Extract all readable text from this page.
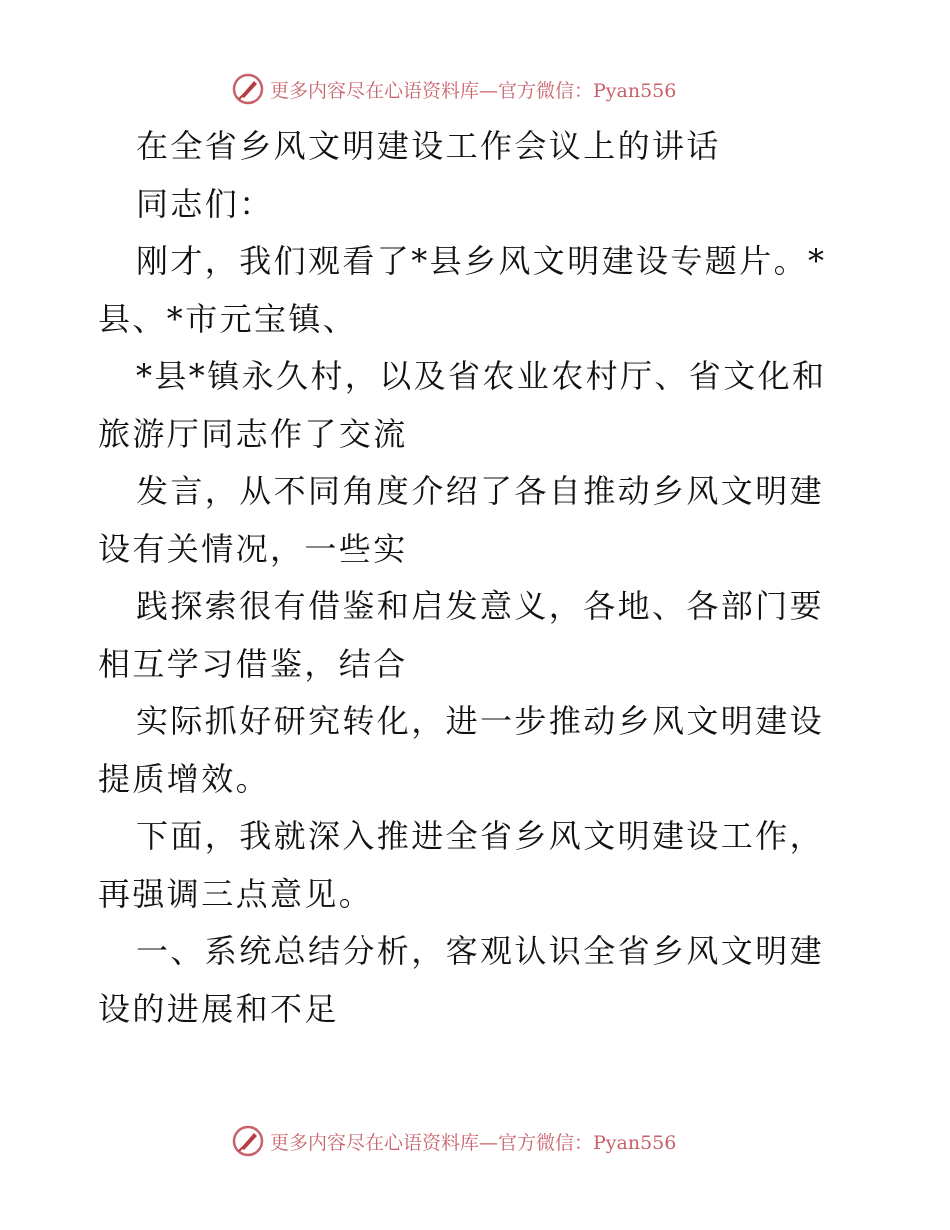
更多内容尽在心语资料库—官方微信：Pyan556

在全省乡风文明建设工作会议上的讲话

同志们：

刚才，我们观看了*县乡风文明建设专题片。*县、*市元宝镇、

*县*镇永久村，以及省农业农村厅、省文化和旅游厅同志作了交流

发言，从不同角度介绍了各自推动乡风文明建设有关情况，一些实

践探索很有借鉴和启发意义，各地、各部门要相互学习借鉴，结合

实际抓好研究转化，进一步推动乡风文明建设提质增效。

下面，我就深入推进全省乡风文明建设工作，再强调三点意见。

一、系统总结分析，客观认识全省乡风文明建设的进展和不足

更多内容尽在心语资料库—官方微信：Pyan556
